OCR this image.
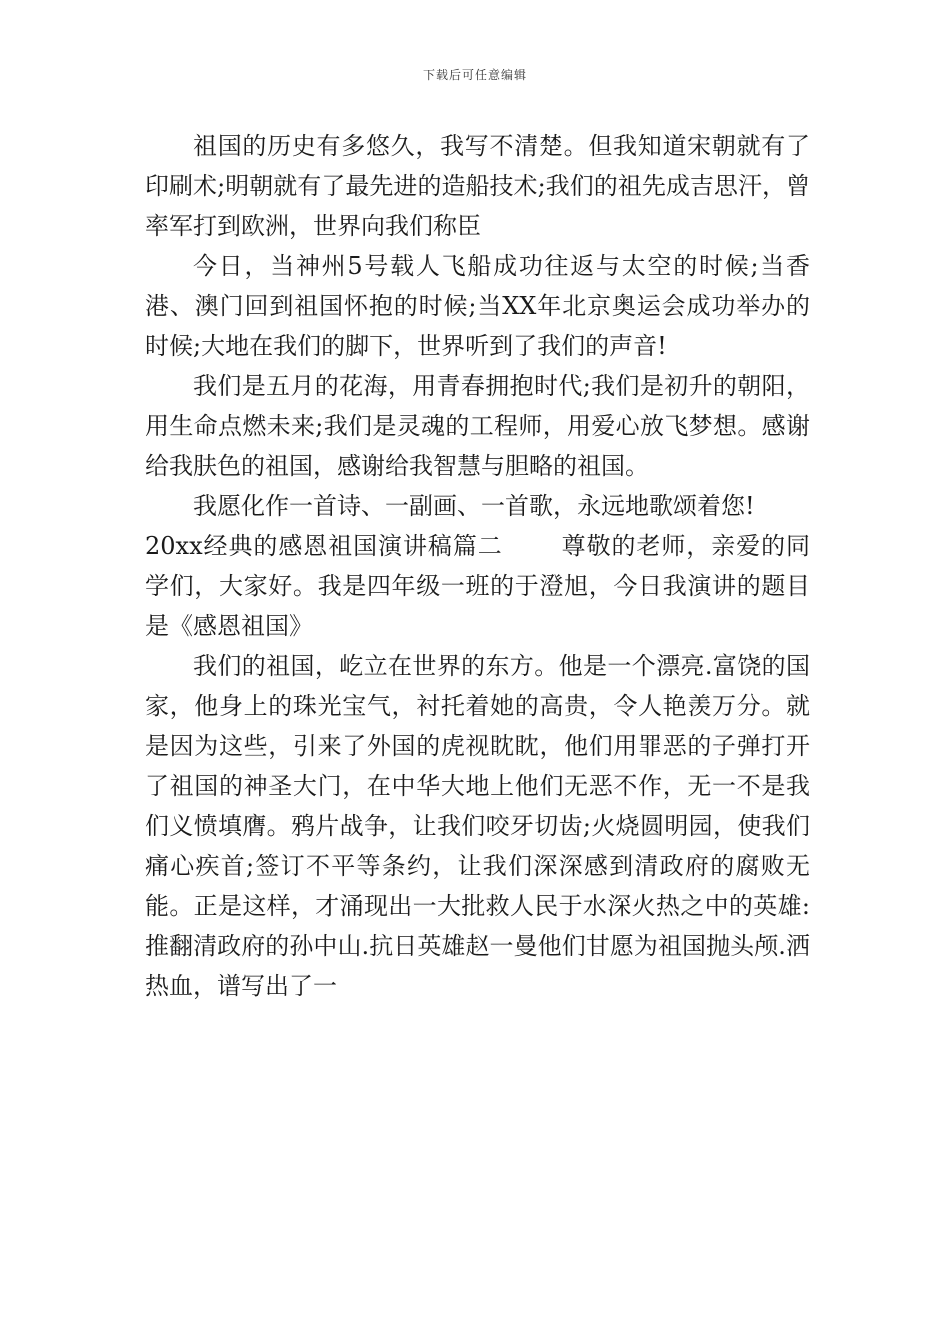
下载后可任意编辑

祖国的历史有多悠久，我写不清楚。但我知道宋朝就有了印刷术;明朝就有了最先进的造船技术;我们的祖先成吉思汗，曾率军打到欧洲，世界向我们称臣

今日，当神州5号载人飞船成功往返与太空的时候;当香港、澳门回到祖国怀抱的时候;当XX年北京奥运会成功举办的时候;大地在我们的脚下，世界听到了我们的声音!

我们是五月的花海，用青春拥抱时代;我们是初升的朝阳，用生命点燃未来;我们是灵魂的工程师，用爱心放飞梦想。感谢给我肤色的祖国，感谢给我智慧与胆略的祖国。

我愿化作一首诗、一副画、一首歌，永远地歌颂着您!

20xx经典的感恩祖国演讲稿篇二 尊敬的老师，亲爱的同学们，大家好。我是四年级一班的于澄旭，今日我演讲的题目是《感恩祖国》

我们的祖国，屹立在世界的东方。他是一个漂亮.富饶的国家，他身上的珠光宝气，衬托着她的高贵，令人艳羡万分。就是因为这些，引来了外国的虎视眈眈，他们用罪恶的子弹打开了祖国的神圣大门，在中华大地上他们无恶不作，无一不是我们义愤填膺。鸦片战争，让我们咬牙切齿;火烧圆明园，使我们痛心疾首;签订不平等条约，让我们深深感到清政府的腐败无能。正是这样，才涌现出一大批救人民于水深火热之中的英雄:推翻清政府的孙中山.抗日英雄赵一曼他们甘愿为祖国抛头颅.洒热血，谱写出了一
